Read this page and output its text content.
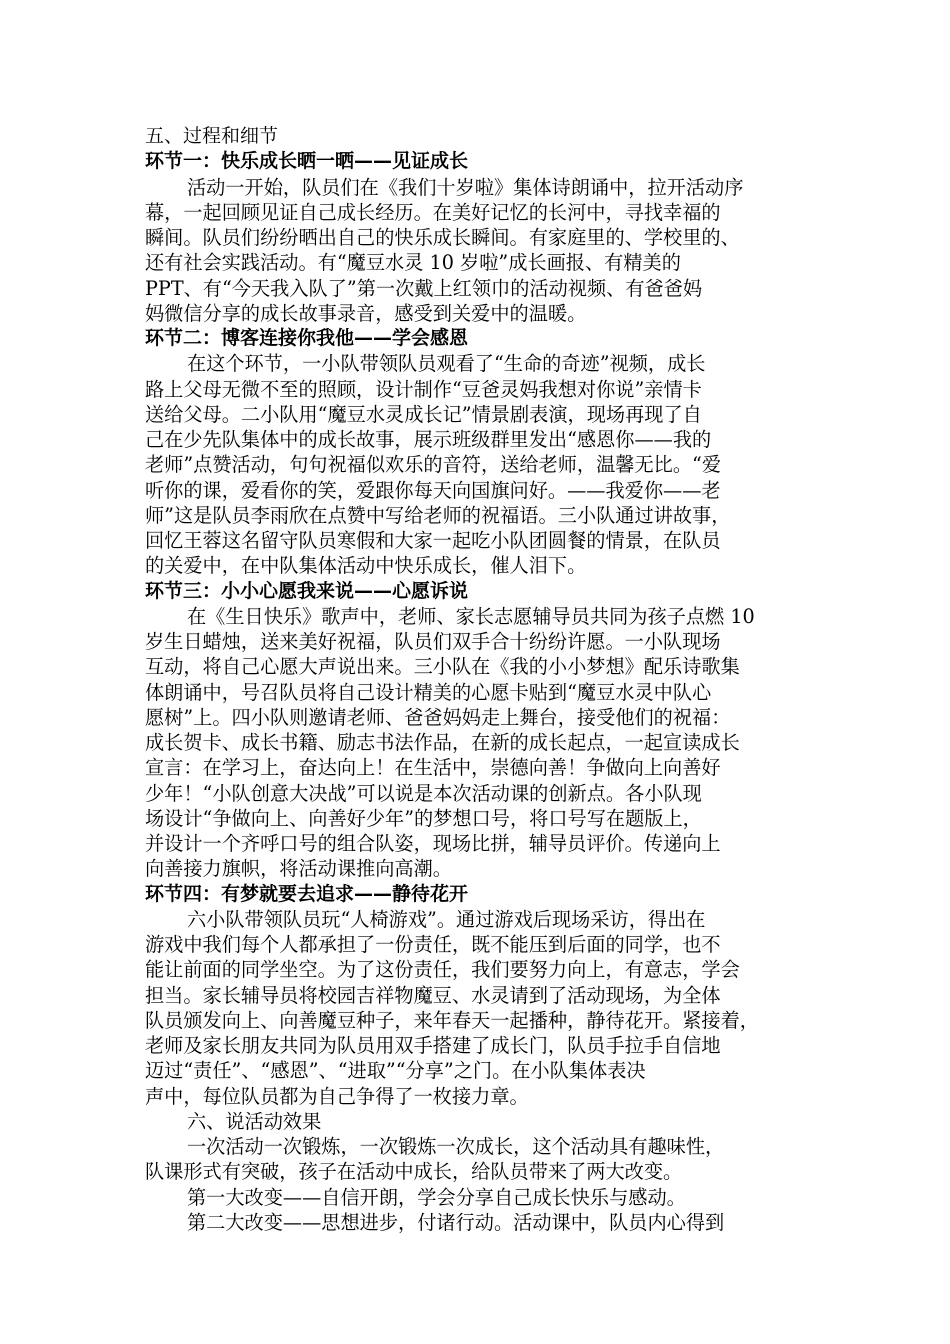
五、过程和细节
环节一：快乐成长晒一晒——见证成长
活动一开始，队员们在《我们十岁啦》集体诗朗诵中，拉开活动序
幕，一起回顾见证自己成长经历。在美好记忆的长河中，寻找幸福的
瞬间。队员们纷纷晒出自己的快乐成长瞬间。有家庭里的、学校里的、
还有社会实践活动。有“魔豆水灵 10 岁啦”成长画报、有精美的
PPT、有“今天我入队了”第一次戴上红领巾的活动视频、有爸爸妈
妈微信分享的成长故事录音，感受到关爱中的温暖。
环节二：博客连接你我他——学会感恩
在这个环节，一小队带领队员观看了“生命的奇迹”视频，成长
路上父母无微不至的照顾，设计制作“豆爸灵妈我想对你说”亲情卡
送给父母。二小队用“魔豆水灵成长记”情景剧表演，现场再现了自
己在少先队集体中的成长故事，展示班级群里发出“感恩你——我的
老师”点赞活动，句句祝福似欢乐的音符，送给老师，温馨无比。“爱
听你的课，爱看你的笑，爱跟你每天向国旗问好。——我爱你——老
师”这是队员李雨欣在点赞中写给老师的祝福语。三小队通过讲故事，
回忆王蓉这名留守队员寒假和大家一起吃小队团圆餐的情景，在队员
的关爱中，在中队集体活动中快乐成长，催人泪下。
环节三：小小心愿我来说——心愿诉说
在《生日快乐》歌声中，老师、家长志愿辅导员共同为孩子点燃 10
岁生日蜡烛，送来美好祝福，队员们双手合十纷纷许愿。一小队现场
互动，将自己心愿大声说出来。三小队在《我的小小梦想》配乐诗歌集
体朗诵中，号召队员将自己设计精美的心愿卡贴到“魔豆水灵中队心
愿树”上。四小队则邀请老师、爸爸妈妈走上舞台，接受他们的祝福：
成长贺卡、成长书籍、励志书法作品，在新的成长起点，一起宣读成长
宣言：在学习上，奋达向上！在生活中，崇德向善！争做向上向善好
少年！“小队创意大决战”可以说是本次活动课的创新点。各小队现
场设计“争做向上、向善好少年”的梦想口号，将口号写在题版上，
并设计一个齐呼口号的组合队姿，现场比拼，辅导员评价。传递向上
向善接力旗帜，将活动课推向高潮。
环节四：有梦就要去追求——静待花开
六小队带领队员玩“人椅游戏”。通过游戏后现场采访，得出在
游戏中我们每个人都承担了一份责任，既不能压到后面的同学，也不
能让前面的同学坐空。为了这份责任，我们要努力向上，有意志，学会
担当。家长辅导员将校园吉祥物魔豆、水灵请到了活动现场，为全体
队员颁发向上、向善魔豆种子，来年春天一起播种，静待花开。紧接着，
老师及家长朋友共同为队员用双手搭建了成长门，队员手拉手自信地
迈过“责任”、“感恩”、“进取”“分享”之门。在小队集体表决
声中，每位队员都为自己争得了一枚接力章。
六、说活动效果
一次活动一次锻炼，一次锻炼一次成长，这个活动具有趣味性，
队课形式有突破，孩子在活动中成长，给队员带来了两大改变。
第一大改变——自信开朗，学会分享自己成长快乐与感动。
第二大改变——思想进步，付诸行动。活动课中，队员内心得到
